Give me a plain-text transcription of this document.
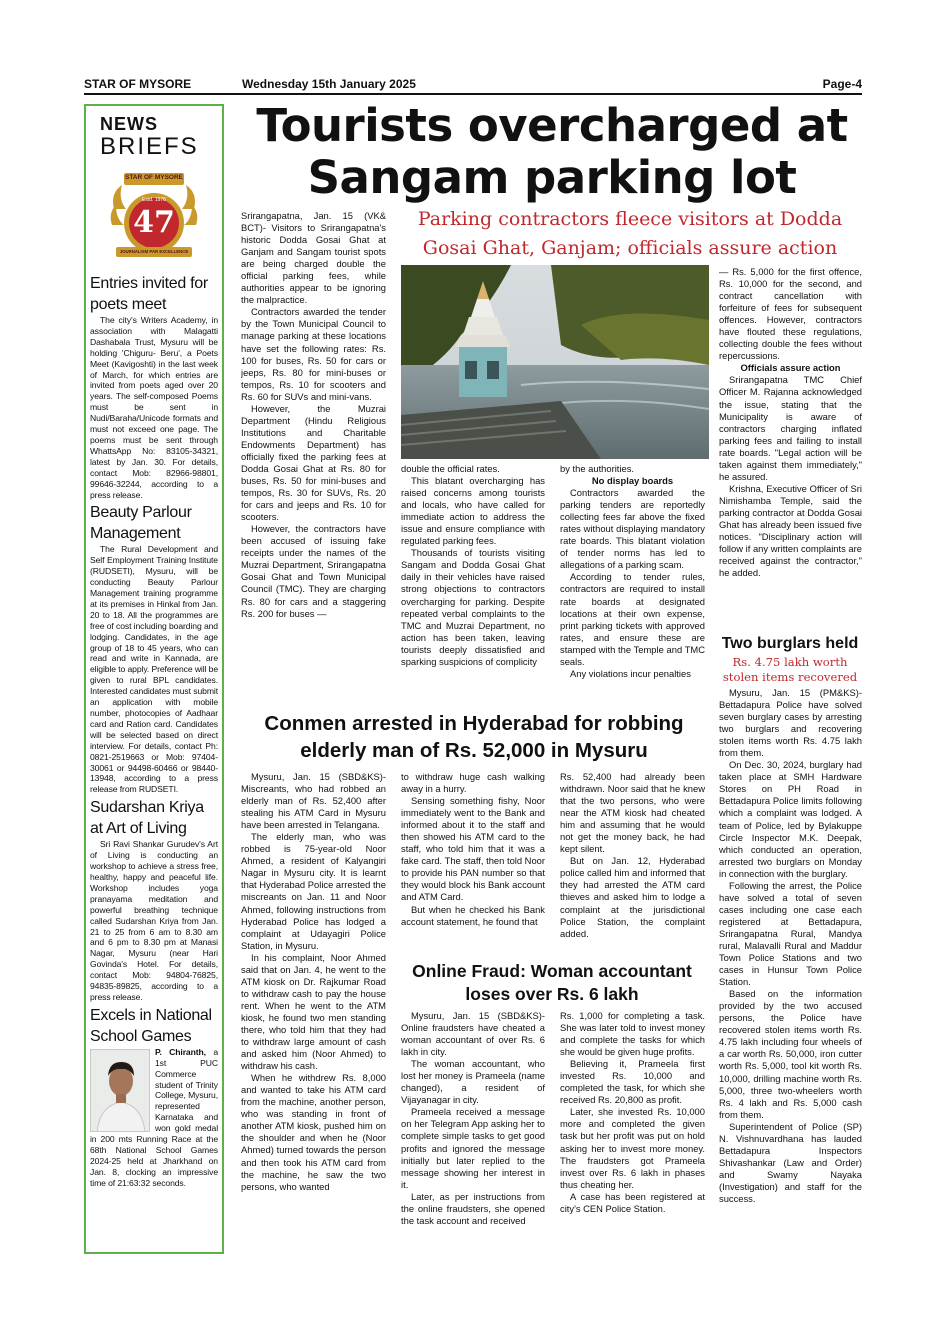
STAR OF MYSORE	Wednesday 15th January 2025	Page-4
NEWS
BRIEFS
STAR OF MYSORE
Estd. 1978
47
JOURNALISM PAR EXCELLENCE
Entries invited for poets meet

The city's Writers Academy, in association with Malagatti Dashabala Trust, Mysuru will be holding 'Chiguru- Beru', a Poets Meet (Kavigoshti) in the last week of March, for which entries are invited from poets aged over 20 years. The self-composed Poems must be sent in Nudi/Baraha/Unicode formats and must not exceed one page. The poems must be sent through WhattsApp No: 83105-34321, latest by Jan. 30. For details, contact Mob: 82966-98801, 99646-32244, according to a press release.

Beauty Parlour Management

The Rural Development and Self Employment Training Institute (RUDSETI), Mysuru, will be conducting Beauty Parlour Management training programme at its premises in Hinkal from Jan. 20 to 18. All the programmes are free of cost including boarding and lodging. Candidates, in the age group of 18 to 45 years, who can read and write in Kannada, are eligible to apply. Preference will be given to rural BPL candidates. Interested candidates must submit an application with mobile number, photocopies of Aadhaar card and Ration card. Candidates will be selected based on direct interview. For details, contact Ph: 0821-2519663 or Mob: 97404-30061 or 94498-60466 or 98440-13948, according to a press release from RUDSETI.

Sudarshan Kriya at Art of Living

Sri Ravi Shankar Gurudev's Art of Living is conducting an workshop to achieve a stress free, healthy, happy and peaceful life. Workshop includes yoga pranayama meditation and powerful breathing technique called Sudarshan Kriya from Jan. 21 to 25 from 6 am to 8.30 am and 6 pm to 8.30 pm at Manasi Nagar, Mysuru (near Hari Govinda's Hotel. For details, contact Mob: 94804-76825, 94835-89825, according to a press release.

Excels in National School Games

P. Chiranth, a 1st PUC Commerce student of Trinity College, Mysuru, represented Karnataka and won gold medal in 200 mts Running Race at the 68th National School Games 2024-25 held at Jharkhand on Jan. 8, clocking an impressive time of 21:63:32 seconds.

Tourists overcharged at
Sangam parking lot
Parking contractors fleece visitors at Dodda
Gosai Ghat, Ganjam; officials assure action

Srirangapatna, Jan. 15 (VK& BCT)- Visitors to Srirangapatna's historic Dodda Gosai Ghat at Ganjam and Sangam tourist spots are being charged double the official parking fees, while authorities appear to be ignoring the malpractice.

Contractors awarded the tender by the Town Municipal Council to manage parking at these locations have set the following rates: Rs. 100 for buses, Rs. 50 for cars or jeeps, Rs. 80 for mini-buses or tempos, Rs. 10 for scooters and Rs. 60 for SUVs and mini-vans.

However, the Muzrai Department (Hindu Religious Institutions and Charitable Endowments Department) has officially fixed the parking fees at Dodda Gosai Ghat at Rs. 80 for buses, Rs. 50 for mini-buses and tempos, Rs. 30 for SUVs, Rs. 20 for cars and jeeps and Rs. 10 for scooters.

However, the contractors have been accused of issuing fake receipts under the names of the Muzrai Department, Srirangapatna Gosai Ghat and Town Municipal Council (TMC). They are charging Rs. 80 for cars and a staggering Rs. 200 for buses —

double the official rates.

This blatant overcharging has raised concerns among tourists and locals, who have called for immediate action to address the issue and ensure compliance with regulated parking fees.

Thousands of tourists visiting Sangam and Dodda Gosai Ghat daily in their vehicles have raised strong objections to contractors overcharging for parking. Despite repeated verbal complaints to the TMC and Muzrai Department, no action has been taken, leaving tourists deeply dissatisfied and sparking suspicions of complicity

by the authorities.

No display boards

Contractors awarded the parking tenders are reportedly collecting fees far above the fixed rates without displaying mandatory rate boards. This blatant violation of tender norms has led to allegations of a parking scam.

According to tender rules, contractors are required to install rate boards at designated locations at their own expense, print parking tickets with approved rates, and ensure these are stamped with the Temple and TMC seals.

Any violations incur penalties

— Rs. 5,000 for the first offence, Rs. 10,000 for the second, and contract cancellation with forfeiture of fees for subsequent offences. However, contractors have flouted these regulations, collecting double the fees without repercussions.

Officials assure action

Srirangapatna TMC Chief Officer M. Rajanna acknowledged the issue, stating that the Municipality is aware of contractors charging inflated parking fees and failing to install rate boards. "Legal action will be taken against them immediately," he assured.

Krishna, Executive Officer of Sri Nimishamba Temple, said the parking contractor at Dodda Gosai Ghat has already been issued five notices. "Disciplinary action will follow if any written complaints are received against the contractor," he added.

Two burglars held
Rs. 4.75 lakh worth stolen items recovered

Mysuru, Jan. 15 (PM&KS)- Bettadapura Police have solved seven burglary cases by arresting two burglars and recovering stolen items worth Rs. 4.75 lakh from them.

On Dec. 30, 2024, burglary had taken place at SMH Hardware Stores on PH Road in Bettadapura Police limits following which a complaint was lodged. A team of Police, led by Bylakuppe Circle Inspector M.K. Deepak, which conducted an operation, arrested two burglars on Monday in connection with the burglary.

Following the arrest, the Police have solved a total of seven cases including one case each registered at Bettadapura, Srirangapatna Rural, Mandya rural, Malavalli Rural and Maddur Town Police Stations and two cases in Hunsur Town Police Station.

Based on the information provided by the two accused persons, the Police have recovered stolen items worth Rs. 4.75 lakh including four wheels of a car worth Rs. 50,000, iron cutter worth Rs. 5,000, tool kit worth Rs. 10,000, drilling machine worth Rs. 5,000, three two-wheelers worth Rs. 4 lakh and Rs. 5,000 cash from them.

Superintendent of Police (SP) N. Vishnuvardhana has lauded Bettadapura Inspectors Shivashankar (Law and Order) and Swamy Nayaka (Investigation) and staff for the success.

Conmen arrested in Hyderabad for robbing
elderly man of Rs. 52,000 in Mysuru

Mysuru, Jan. 15 (SBD&KS)- Miscreants, who had robbed an elderly man of Rs. 52,400 after stealing his ATM Card in Mysuru have been arrested in Telangana.

The elderly man, who was robbed is 75-year-old Noor Ahmed, a resident of Kalyangiri Nagar in Mysuru city. It is learnt that Hyderabad Police arrested the miscreants on Jan. 11 and Noor Ahmed, following instructions from Hyderabad Police has lodged a complaint at Udayagiri Police Station, in Mysuru.

In his complaint, Noor Ahmed said that on Jan. 4, he went to the ATM kiosk on Dr. Rajkumar Road to withdraw cash to pay the house rent. When he went to the ATM kiosk, he found two men standing there, who told him that they had to withdraw large amount of cash and asked him (Noor Ahmed) to withdraw his cash.

When he withdrew Rs. 8,000 and wanted to take his ATM card from the machine, another person, who was standing in front of another ATM kiosk, pushed him on the shoulder and when he (Noor Ahmed) turned towards the person and then took his ATM card from the machine, he saw the two persons, who wanted

to withdraw huge cash walking away in a hurry.

Sensing something fishy, Noor immediately went to the Bank and informed about it to the staff and then showed his ATM card to the staff, who told him that it was a fake card. The staff, then told Noor to provide his PAN number so that they would block his Bank account and ATM Card.

But when he checked his Bank account statement, he found that

Rs. 52,400 had already been withdrawn. Noor said that he knew that the two persons, who were near the ATM kiosk had cheated him and assuming that he would not get the money back, he had kept silent.

But on Jan. 12, Hyderabad police called him and informed that they had arrested the ATM card thieves and asked him to lodge a complaint at the jurisdictional Police Station, the complaint added.

Online Fraud: Woman accountant
loses over Rs. 6 lakh

Mysuru, Jan. 15 (SBD&KS)- Online fraudsters have cheated a woman accountant of over Rs. 6 lakh in city.

The woman accountant, who lost her money is Prameela (name changed), a resident of Vijayanagar in city.

Prameela received a message on her Telegram App asking her to complete simple tasks to get good profits and ignored the message initially but later replied to the message showing her interest in it.

Later, as per instructions from the online fraudsters, she opened the task account and received

Rs. 1,000 for completing a task. She was later told to invest money and complete the tasks for which she would be given huge profits.

Believing it, Prameela first invested Rs. 10,000 and completed the task, for which she received Rs. 20,800 as profit.

Later, she invested Rs. 10,000 more and completed the given task but her profit was put on hold asking her to invest more money. The fraudsters got Prameela invest over Rs. 6 lakh in phases thus cheating her.

A case has been registered at city's CEN Police Station.
